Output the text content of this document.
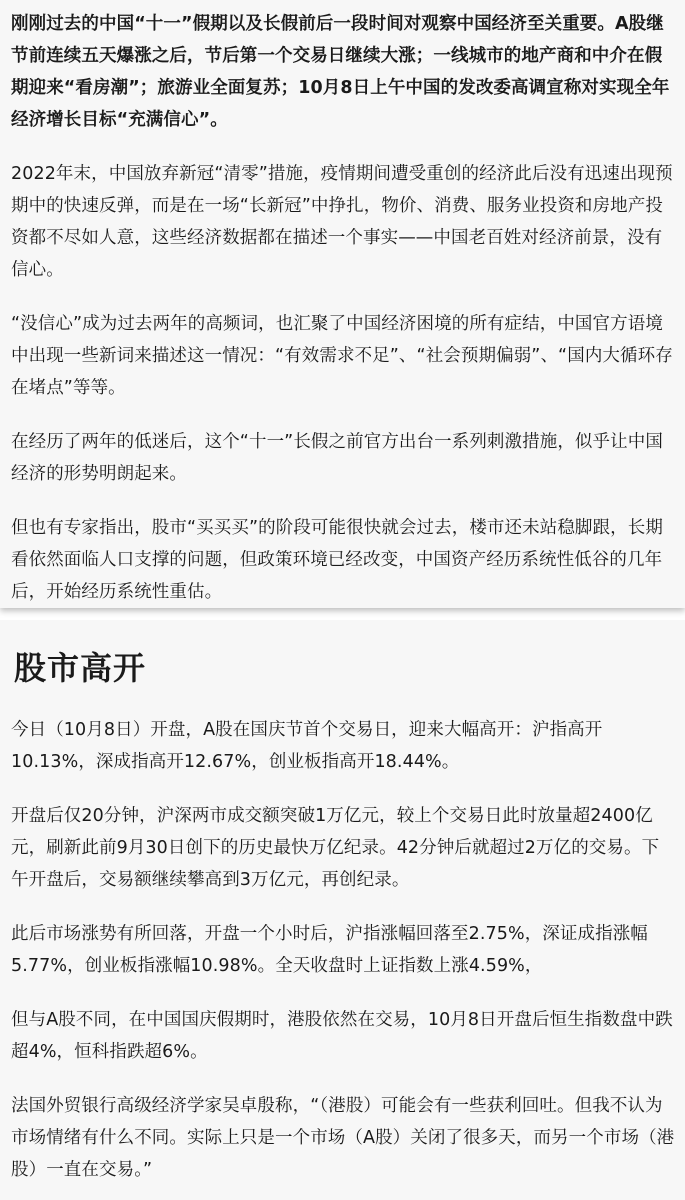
刚刚过去的中国“十一”假期以及长假前后一段时间对观察中国经济至关重要。A股继节前连续五天爆涨之后，节后第一个交易日继续大涨；一线城市的地产商和中介在假期迎来“看房潮”；旅游业全面复苏；10月8日上午中国的发改委高调宣称对实现全年经济增长目标“充满信心”。

2022年末，中国放弃新冠“清零”措施，疫情期间遭受重创的经济此后没有迅速出现预期中的快速反弹，而是在一场“长新冠”中挣扎，物价、消费、服务业投资和房地产投资都不尽如人意，这些经济数据都在描述一个事实——中国老百姓对经济前景，没有信心。

“没信心”成为过去两年的高频词，也汇聚了中国经济困境的所有症结，中国官方语境中出现一些新词来描述这一情况：“有效需求不足”、“社会预期偏弱”、“国内大循环存在堵点”等等。

在经历了两年的低迷后，这个“十一”长假之前官方出台一系列刺激措施，似乎让中国经济的形势明朗起来。

但也有专家指出，股市“买买买”的阶段可能很快就会过去，楼市还未站稳脚跟，长期看依然面临人口支撑的问题，但政策环境已经改变，中国资产经历系统性低谷的几年后，开始经历系统性重估。

股市高开

今日（10月8日）开盘，A股在国庆节首个交易日，迎来大幅高开：沪指高开10.13%，深成指高开12.67%，创业板指高开18.44%。

开盘后仅20分钟，沪深两市成交额突破1万亿元，较上个交易日此时放量超2400亿元，刷新此前9月30日创下的历史最快万亿纪录。42分钟后就超过2万亿的交易。下午开盘后，交易额继续攀高到3万亿元，再创纪录。

此后市场涨势有所回落，开盘一个小时后，沪指涨幅回落至2.75%，深证成指涨幅5.77%，创业板指涨幅10.98%。全天收盘时上证指数上涨4.59%，

但与A股不同，在中国国庆假期时，港股依然在交易，10月8日开盘后恒生指数盘中跌超4%，恒科指跌超6%。

法国外贸银行高级经济学家吴卓殷称，“（港股）可能会有一些获利回吐。但我不认为市场情绪有什么不同。实际上只是一个市场（A股）关闭了很多天，而另一个市场（港股）一直在交易。”
